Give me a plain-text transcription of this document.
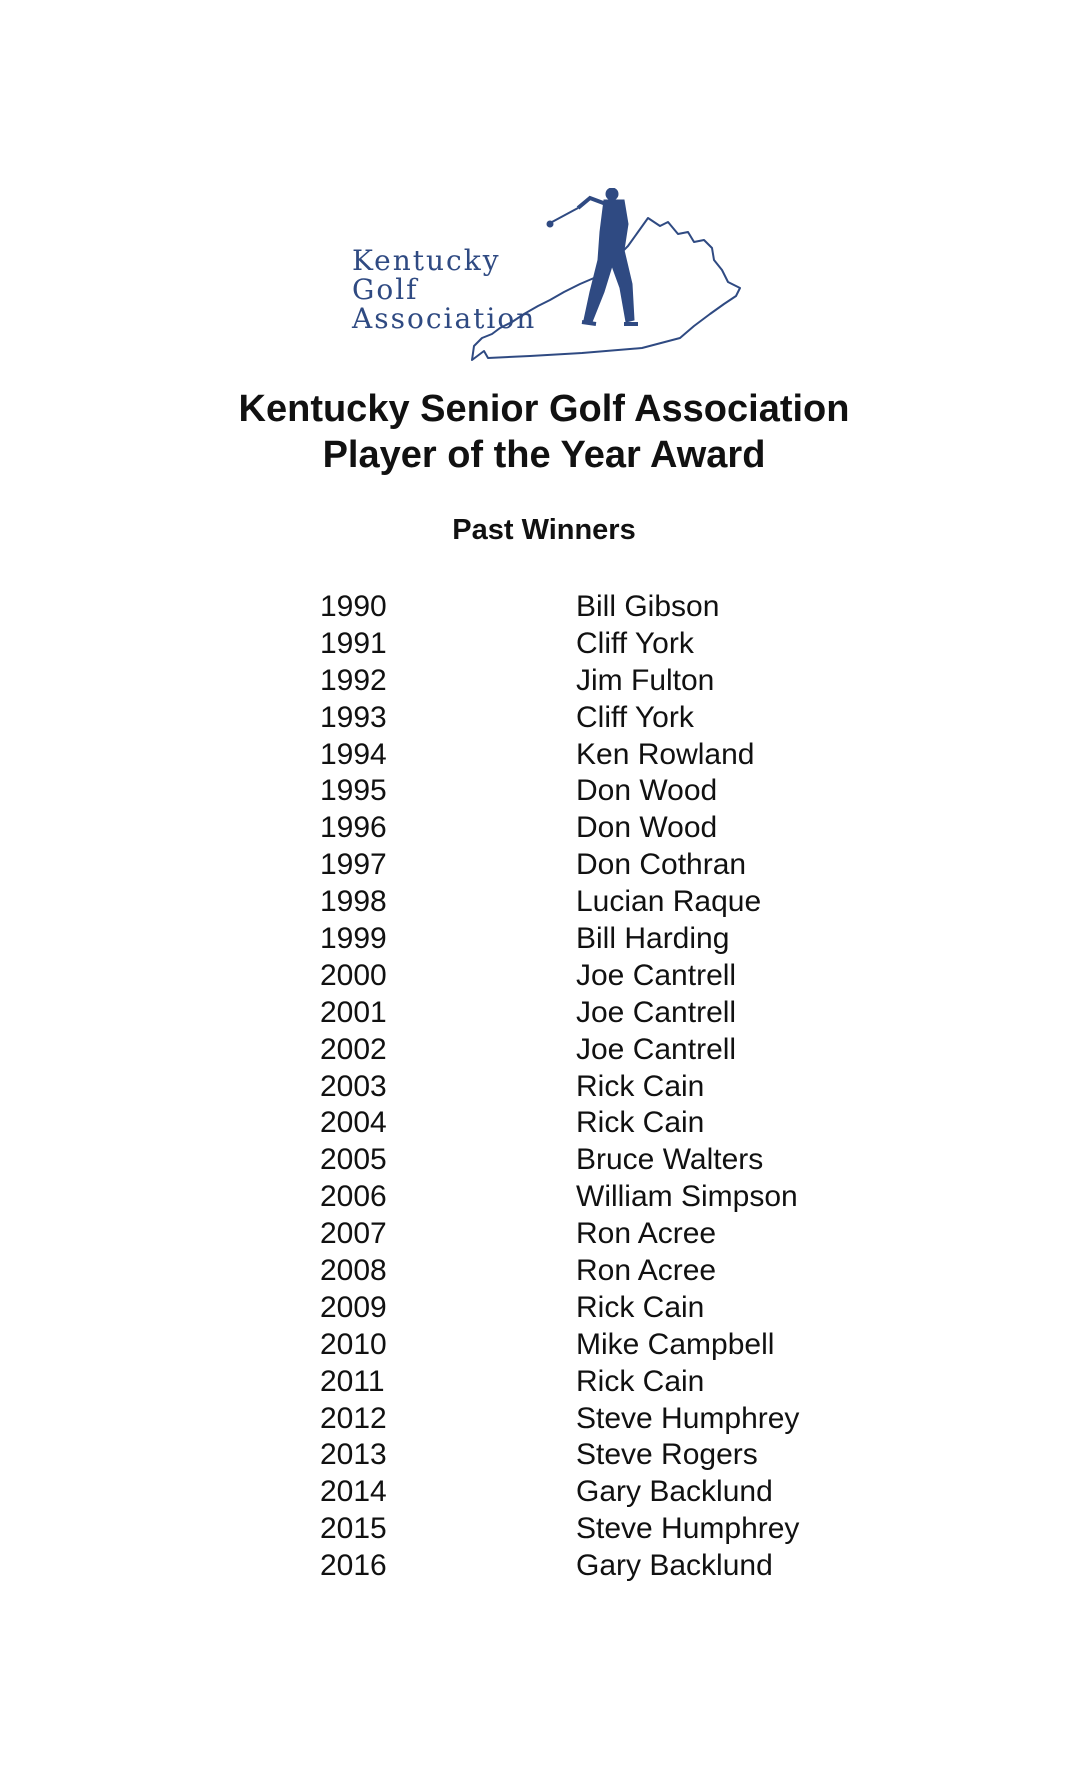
Kentucky
Golf
Association
Kentucky Senior Golf Association
Player of the Year Award
Past Winners
1990	Bill Gibson
1991	Cliff York
1992	Jim Fulton
1993	Cliff York
1994	Ken Rowland
1995	Don Wood
1996	Don Wood
1997	Don Cothran
1998	Lucian Raque
1999	Bill Harding
2000	Joe Cantrell
2001	Joe Cantrell
2002	Joe Cantrell
2003	Rick Cain
2004	Rick Cain
2005	Bruce Walters
2006	William Simpson
2007	Ron Acree
2008	Ron Acree
2009	Rick Cain
2010	Mike Campbell
2011	Rick Cain
2012	Steve Humphrey
2013	Steve Rogers
2014	Gary Backlund
2015	Steve Humphrey
2016	Gary Backlund
